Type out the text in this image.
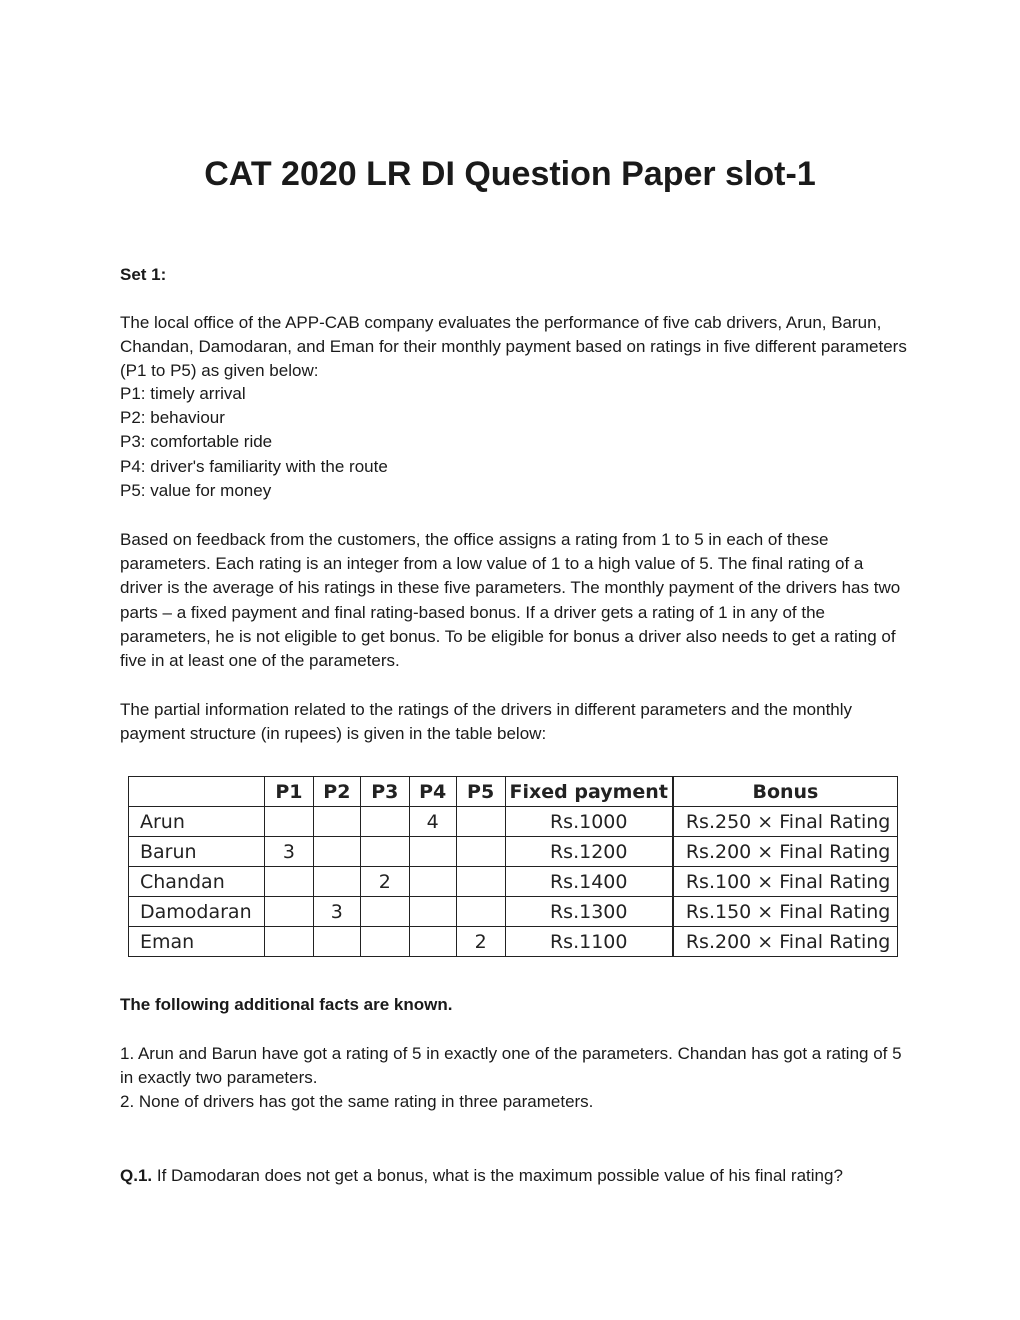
CAT 2020 LR DI Question Paper slot-1

Set 1:

The local office of the APP-CAB company evaluates the performance of five cab drivers, Arun, Barun, Chandan, Damodaran, and Eman for their monthly payment based on ratings in five different parameters (P1 to P5) as given below:

P1: timely arrival
P2: behaviour
P3: comfortable ride
P4: driver's familiarity with the route
P5: value for money

Based on feedback from the customers, the office assigns a rating from 1 to 5 in each of these parameters. Each rating is an integer from a low value of 1 to a high value of 5. The final rating of a driver is the average of his ratings in these five parameters. The monthly payment of the drivers has two parts – a fixed payment and final rating-based bonus. If a driver gets a rating of 1 in any of the parameters, he is not eligible to get bonus. To be eligible for bonus a driver also needs to get a rating of five in at least one of the parameters.

The partial information related to the ratings of the drivers in different parameters and the monthly payment structure (in rupees) is given in the table below:

	P1	P2	P3	P4	P5	Fixed payment	Bonus
Arun				4		Rs.1000	Rs.250 × Final Rating
Barun	3					Rs.1200	Rs.200 × Final Rating
Chandan			2			Rs.1400	Rs.100 × Final Rating
Damodaran		3				Rs.1300	Rs.150 × Final Rating
Eman					2	Rs.1100	Rs.200 × Final Rating

The following additional facts are known.

1. Arun and Barun have got a rating of 5 in exactly one of the parameters. Chandan has got a rating of 5 in exactly two parameters.
2. None of drivers has got the same rating in three parameters.

Q.1. If Damodaran does not get a bonus, what is the maximum possible value of his final rating?
